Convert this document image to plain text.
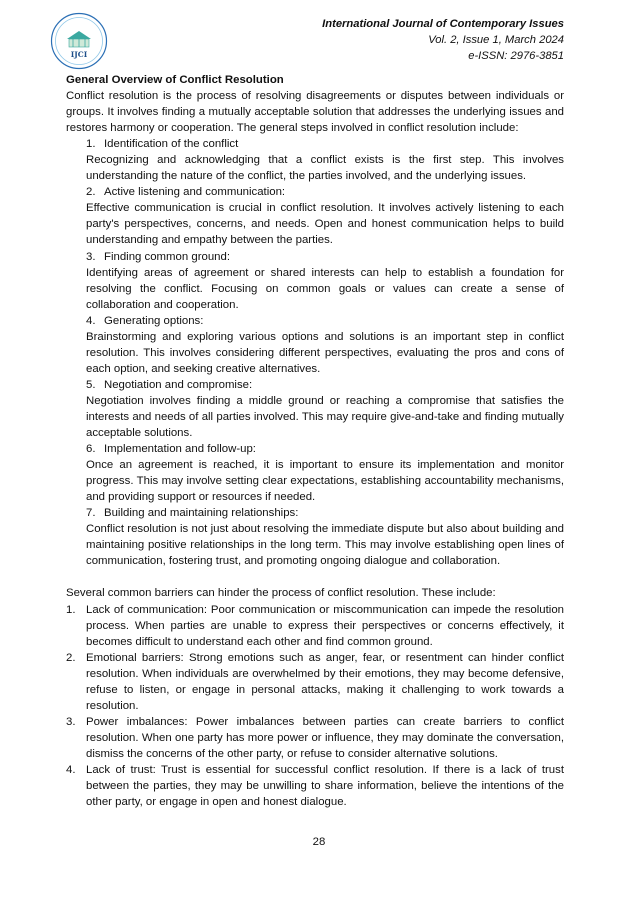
IJCI
International Journal of Contemporary Issues
Vol. 2, Issue 1, March 2024
e-ISSN: 2976-3851

General Overview of Conflict Resolution

Conflict resolution is the process of resolving disagreements or disputes between individuals or groups. It involves finding a mutually acceptable solution that addresses the underlying issues and restores harmony or cooperation. The general steps involved in conflict resolution include:

1. Identification of the conflict

Recognizing and acknowledging that a conflict exists is the first step. This involves understanding the nature of the conflict, the parties involved, and the underlying issues.

2. Active listening and communication:

Effective communication is crucial in conflict resolution. It involves actively listening to each party's perspectives, concerns, and needs. Open and honest communication helps to build understanding and empathy between the parties.

3. Finding common ground:

Identifying areas of agreement or shared interests can help to establish a foundation for resolving the conflict. Focusing on common goals or values can create a sense of collaboration and cooperation.

4. Generating options:

Brainstorming and exploring various options and solutions is an important step in conflict resolution. This involves considering different perspectives, evaluating the pros and cons of each option, and seeking creative alternatives.

5. Negotiation and compromise:

Negotiation involves finding a middle ground or reaching a compromise that satisfies the interests and needs of all parties involved. This may require give-and-take and finding mutually acceptable solutions.

6. Implementation and follow-up:

Once an agreement is reached, it is important to ensure its implementation and monitor progress. This may involve setting clear expectations, establishing accountability mechanisms, and providing support or resources if needed.

7. Building and maintaining relationships:

Conflict resolution is not just about resolving the immediate dispute but also about building and maintaining positive relationships in the long term. This may involve establishing open lines of communication, fostering trust, and promoting ongoing dialogue and collaboration.

Several common barriers can hinder the process of conflict resolution. These include:

1. Lack of communication: Poor communication or miscommunication can impede the resolution process. When parties are unable to express their perspectives or concerns effectively, it becomes difficult to understand each other and find common ground.
2. Emotional barriers: Strong emotions such as anger, fear, or resentment can hinder conflict resolution. When individuals are overwhelmed by their emotions, they may become defensive, refuse to listen, or engage in personal attacks, making it challenging to work towards a resolution.
3. Power imbalances: Power imbalances between parties can create barriers to conflict resolution. When one party has more power or influence, they may dominate the conversation, dismiss the concerns of the other party, or refuse to consider alternative solutions.
4. Lack of trust: Trust is essential for successful conflict resolution. If there is a lack of trust between the parties, they may be unwilling to share information, believe the intentions of the other party, or engage in open and honest dialogue.
28
